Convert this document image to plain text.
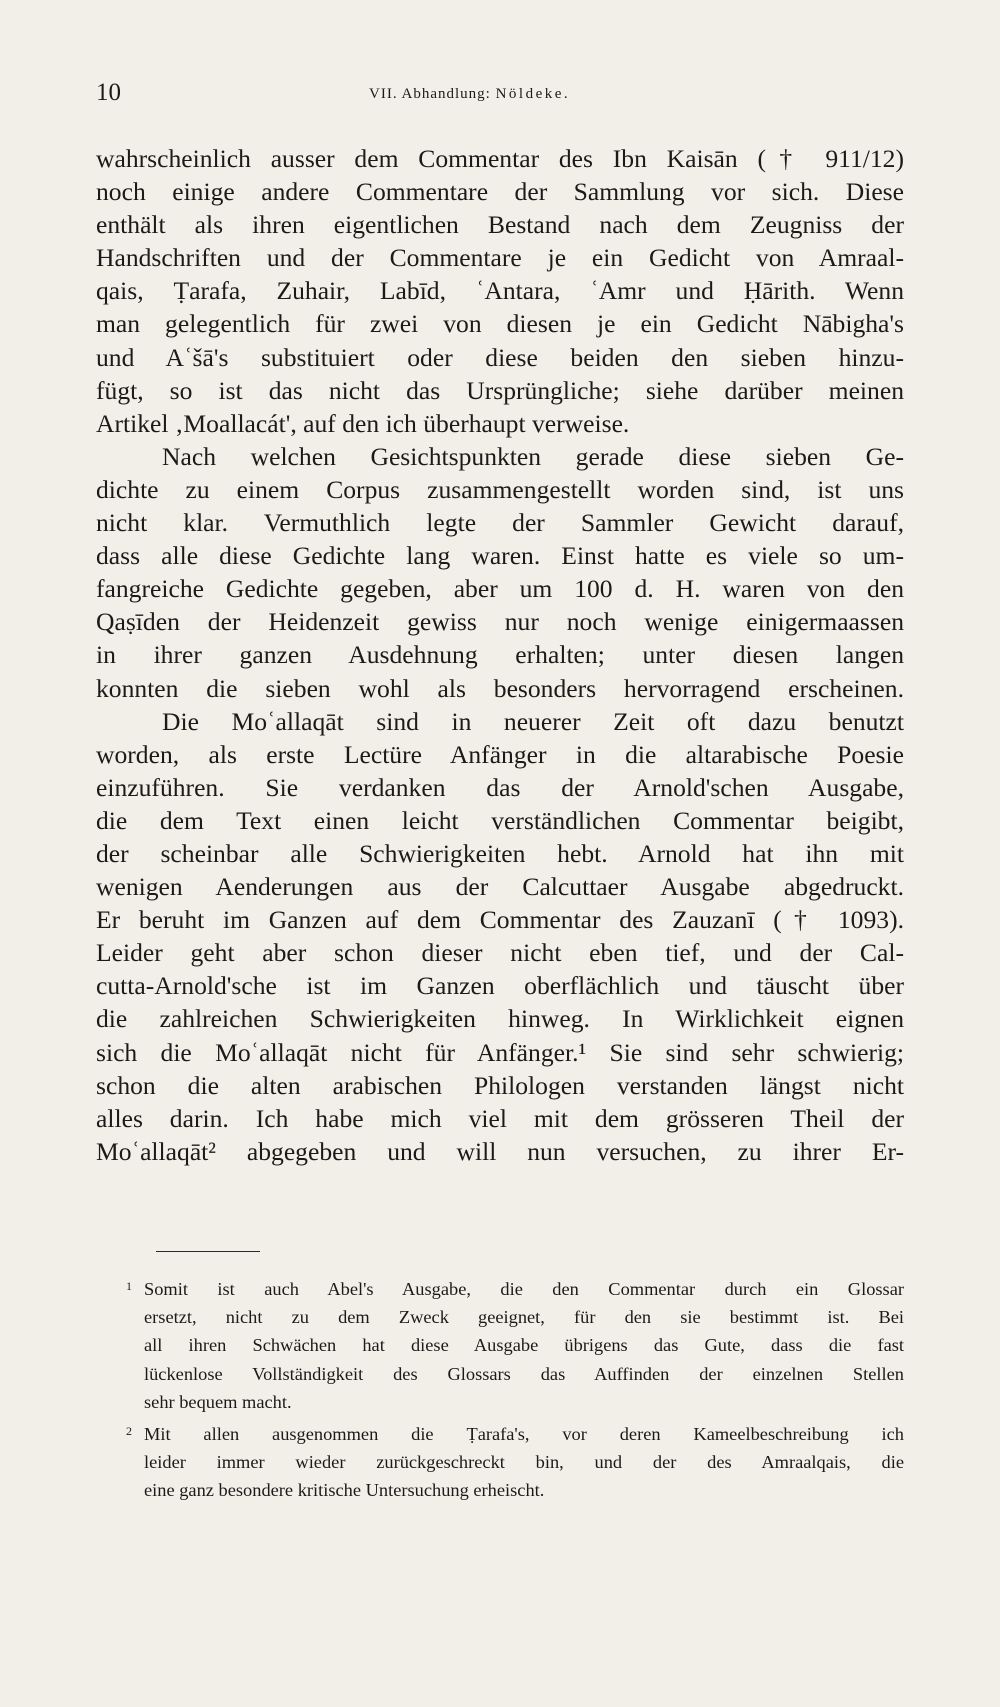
10	VII. Abhandlung: Nöldeke.
wahrscheinlich ausser dem Commentar des Ibn Kaisān († 911/12)
noch einige andere Commentare der Sammlung vor sich. Diese
enthält als ihren eigentlichen Bestand nach dem Zeugniss der
Handschriften und der Commentare je ein Gedicht von Amraal-
qais, Ṭarafa, Zuhair, Labīd, ʿAntara, ʿAmr und Ḥārith. Wenn
man gelegentlich für zwei von diesen je ein Gedicht Nābigha's
und Aʿšā's substituiert oder diese beiden den sieben hinzu-
fügt, so ist das nicht das Ursprüngliche; siehe darüber meinen
Artikel ‚Moallacát', auf den ich überhaupt verweise.
Nach welchen Gesichtspunkten gerade diese sieben Ge-
dichte zu einem Corpus zusammengestellt worden sind, ist uns
nicht klar. Vermuthlich legte der Sammler Gewicht darauf,
dass alle diese Gedichte lang waren. Einst hatte es viele so um-
fangreiche Gedichte gegeben, aber um 100 d. H. waren von den
Qaṣīden der Heidenzeit gewiss nur noch wenige einigermaassen
in ihrer ganzen Ausdehnung erhalten; unter diesen langen
konnten die sieben wohl als besonders hervorragend erscheinen.
Die Moʿallaqāt sind in neuerer Zeit oft dazu benutzt
worden, als erste Lectüre Anfänger in die altarabische Poesie
einzuführen. Sie verdanken das der Arnold'schen Ausgabe,
die dem Text einen leicht verständlichen Commentar beigibt,
der scheinbar alle Schwierigkeiten hebt. Arnold hat ihn mit
wenigen Aenderungen aus der Calcuttaer Ausgabe abgedruckt.
Er beruht im Ganzen auf dem Commentar des Zauzanī († 1093).
Leider geht aber schon dieser nicht eben tief, und der Cal-
cutta-Arnold'sche ist im Ganzen oberflächlich und täuscht über
die zahlreichen Schwierigkeiten hinweg. In Wirklichkeit eignen
sich die Moʿallaqāt nicht für Anfänger.¹ Sie sind sehr schwierig;
schon die alten arabischen Philologen verstanden längst nicht
alles darin. Ich habe mich viel mit dem grösseren Theil der
Moʿallaqāt² abgegeben und will nun versuchen, zu ihrer Er-
1 Somit ist auch Abel's Ausgabe, die den Commentar durch ein Glossar
ersetzt, nicht zu dem Zweck geeignet, für den sie bestimmt ist. Bei
all ihren Schwächen hat diese Ausgabe übrigens das Gute, dass die fast
lückenlose Vollständigkeit des Glossars das Auffinden der einzelnen Stellen
sehr bequem macht.
2 Mit allen ausgenommen die Ṭarafa's, vor deren Kameelbeschreibung ich
leider immer wieder zurückgeschreckt bin, und der des Amraalqais, die
eine ganz besondere kritische Untersuchung erheischt.
